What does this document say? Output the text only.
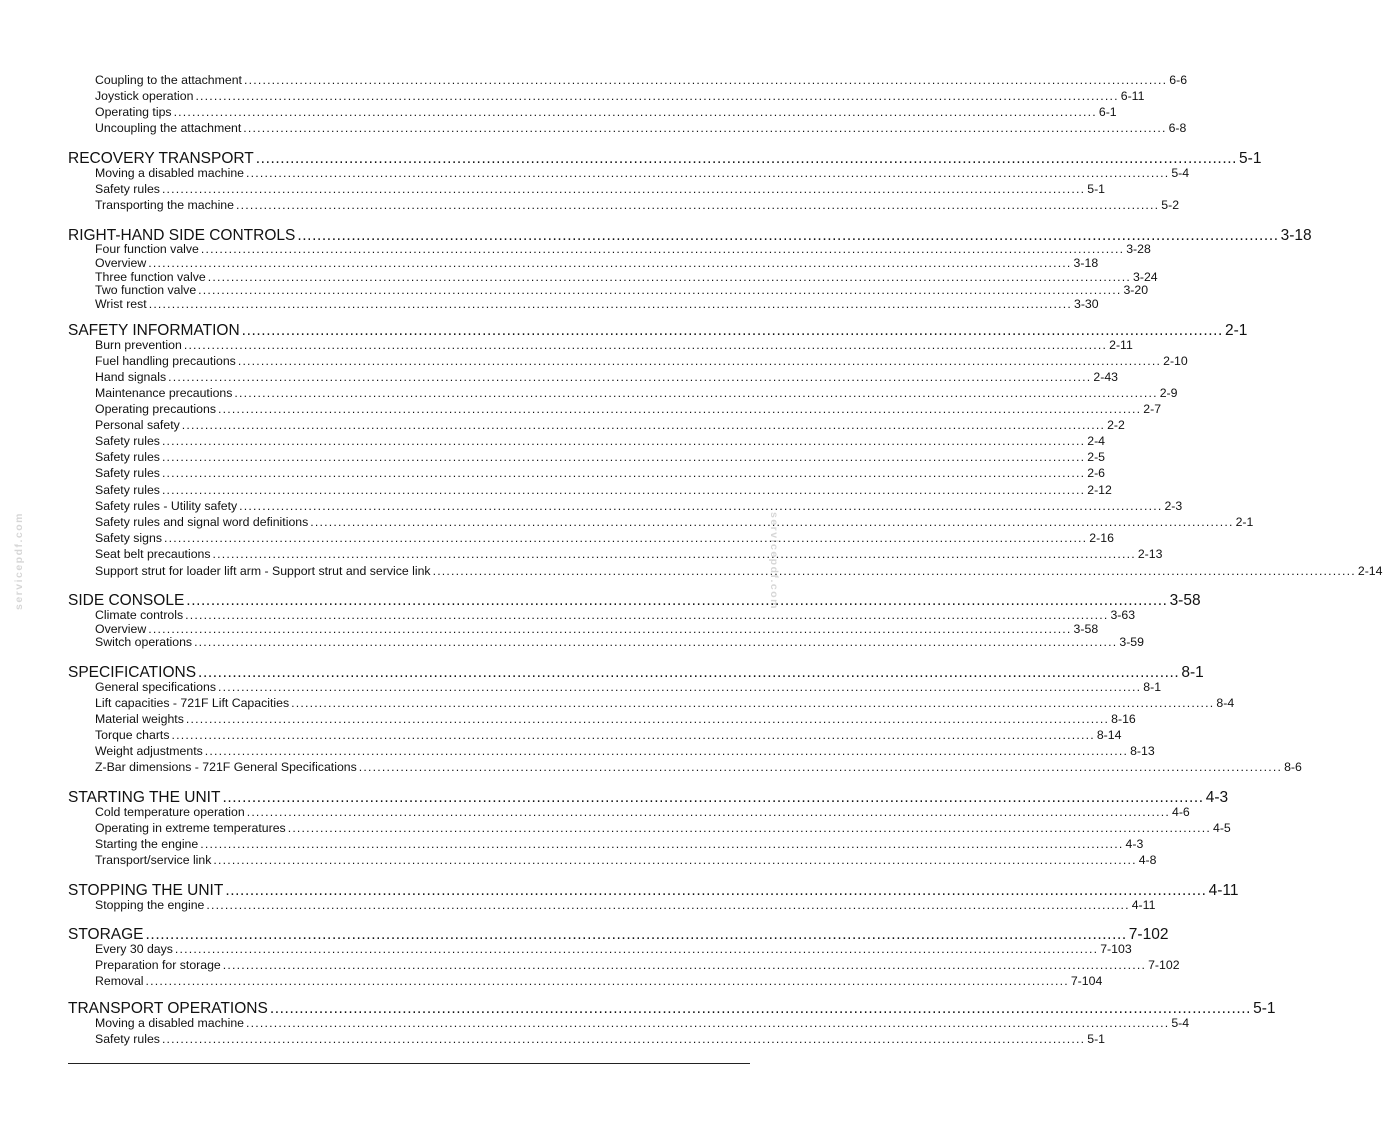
servicepdf.com	servicepdf.com
Coupling to the attachment ........................................................................................................................................................................................................ 6-6
Joystick operation ........................................................................................................................................................................................................ 6-11
Operating tips ........................................................................................................................................................................................................ 6-1
Uncoupling the attachment ........................................................................................................................................................................................................ 6-8
RECOVERY TRANSPORT ........................................................................................................................................................................................................ 5-1
Moving a disabled machine ........................................................................................................................................................................................................ 5-4
Safety rules ........................................................................................................................................................................................................ 5-1
Transporting the machine ........................................................................................................................................................................................................ 5-2
RIGHT-HAND SIDE CONTROLS ........................................................................................................................................................................................................ 3-18
Four function valve ........................................................................................................................................................................................................ 3-28
Overview ........................................................................................................................................................................................................ 3-18
Three function valve ........................................................................................................................................................................................................ 3-24
Two function valve ........................................................................................................................................................................................................ 3-20
Wrist rest ........................................................................................................................................................................................................ 3-30
SAFETY INFORMATION ........................................................................................................................................................................................................ 2-1
Burn prevention ........................................................................................................................................................................................................ 2-11
Fuel handling precautions ........................................................................................................................................................................................................ 2-10
Hand signals ........................................................................................................................................................................................................ 2-43
Maintenance precautions ........................................................................................................................................................................................................ 2-9
Operating precautions ........................................................................................................................................................................................................ 2-7
Personal safety ........................................................................................................................................................................................................ 2-2
Safety rules ........................................................................................................................................................................................................ 2-4
Safety rules ........................................................................................................................................................................................................ 2-5
Safety rules ........................................................................................................................................................................................................ 2-6
Safety rules ........................................................................................................................................................................................................ 2-12
Safety rules - Utility safety ........................................................................................................................................................................................................ 2-3
Safety rules and signal word definitions ........................................................................................................................................................................................................ 2-1
Safety signs ........................................................................................................................................................................................................ 2-16
Seat belt precautions ........................................................................................................................................................................................................ 2-13
Support strut for loader lift arm - Support strut and service link ........................................................................................................................................................................................................ 2-14
SIDE CONSOLE ........................................................................................................................................................................................................ 3-58
Climate controls ........................................................................................................................................................................................................ 3-63
Overview ........................................................................................................................................................................................................ 3-58
Switch operations ........................................................................................................................................................................................................ 3-59
SPECIFICATIONS ........................................................................................................................................................................................................ 8-1
General specifications ........................................................................................................................................................................................................ 8-1
Lift capacities - 721F Lift Capacities ........................................................................................................................................................................................................ 8-4
Material weights ........................................................................................................................................................................................................ 8-16
Torque charts ........................................................................................................................................................................................................ 8-14
Weight adjustments ........................................................................................................................................................................................................ 8-13
Z-Bar dimensions - 721F General Specifications ........................................................................................................................................................................................................ 8-6
STARTING THE UNIT ........................................................................................................................................................................................................ 4-3
Cold temperature operation ........................................................................................................................................................................................................ 4-6
Operating in extreme temperatures ........................................................................................................................................................................................................ 4-5
Starting the engine ........................................................................................................................................................................................................ 4-3
Transport/service link ........................................................................................................................................................................................................ 4-8
STOPPING THE UNIT ........................................................................................................................................................................................................ 4-11
Stopping the engine ........................................................................................................................................................................................................ 4-11
STORAGE ........................................................................................................................................................................................................ 7-102
Every 30 days ........................................................................................................................................................................................................ 7-103
Preparation for storage ........................................................................................................................................................................................................ 7-102
Removal ........................................................................................................................................................................................................ 7-104
TRANSPORT OPERATIONS ........................................................................................................................................................................................................ 5-1
Moving a disabled machine ........................................................................................................................................................................................................ 5-4
Safety rules ........................................................................................................................................................................................................ 5-1
